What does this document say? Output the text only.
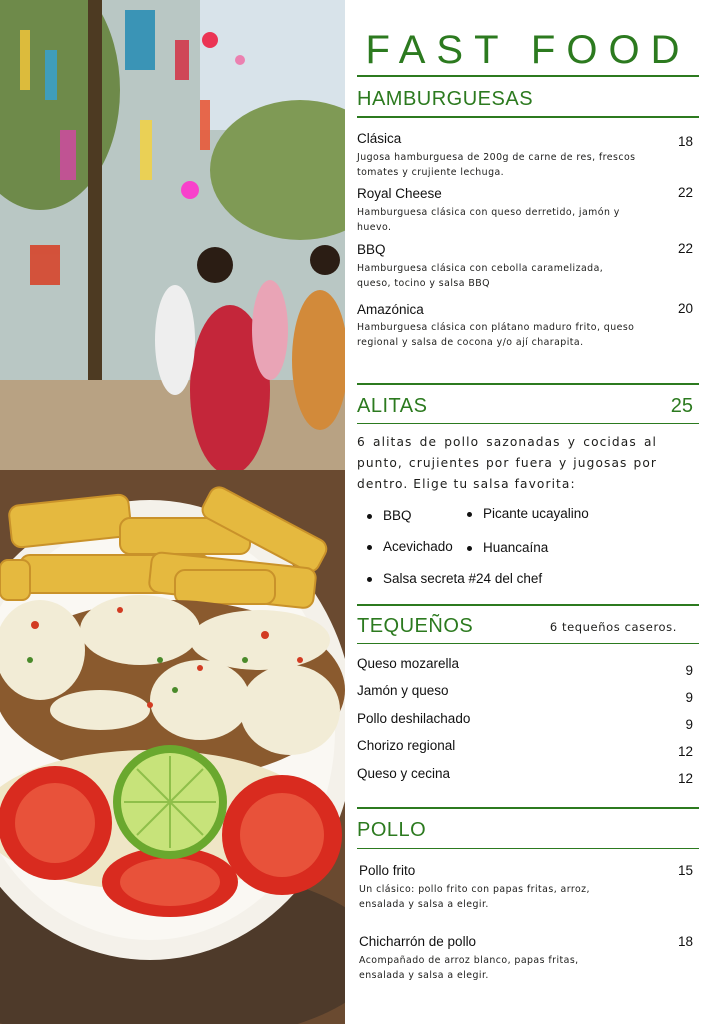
FAST FOOD
HAMBURGUESAS
Clásica	18
Jugosa hamburguesa de 200g de carne de res, frescos tomates y crujiente lechuga.
Royal Cheese	22
Hamburguesa clásica con queso derretido, jamón y huevo.
BBQ	22
Hamburguesa clásica con cebolla caramelizada, queso, tocino y salsa BBQ
Amazónica	20
Hamburguesa clásica con plátano maduro frito, queso regional y salsa de cocona y/o ají charapita.
ALITAS	25
6 alitas de pollo sazonadas y cocidas al punto, crujientes por fuera y jugosas por dentro. Elige tu salsa favorita:
BBQ	Picante ucayalino
Acevichado	Huancaína
Salsa secreta #24 del chef
TEQUEÑOS	6 tequeños caseros.
Queso mozarella	9
Jamón y queso	9
Pollo deshilachado	9
Chorizo regional	12
Queso y cecina	12
POLLO
Pollo frito	15
Un clásico: pollo frito con papas fritas, arroz, ensalada y salsa a elegir.
Chicharrón de pollo	18
Acompañado de arroz blanco, papas fritas, ensalada y salsa a elegir.
